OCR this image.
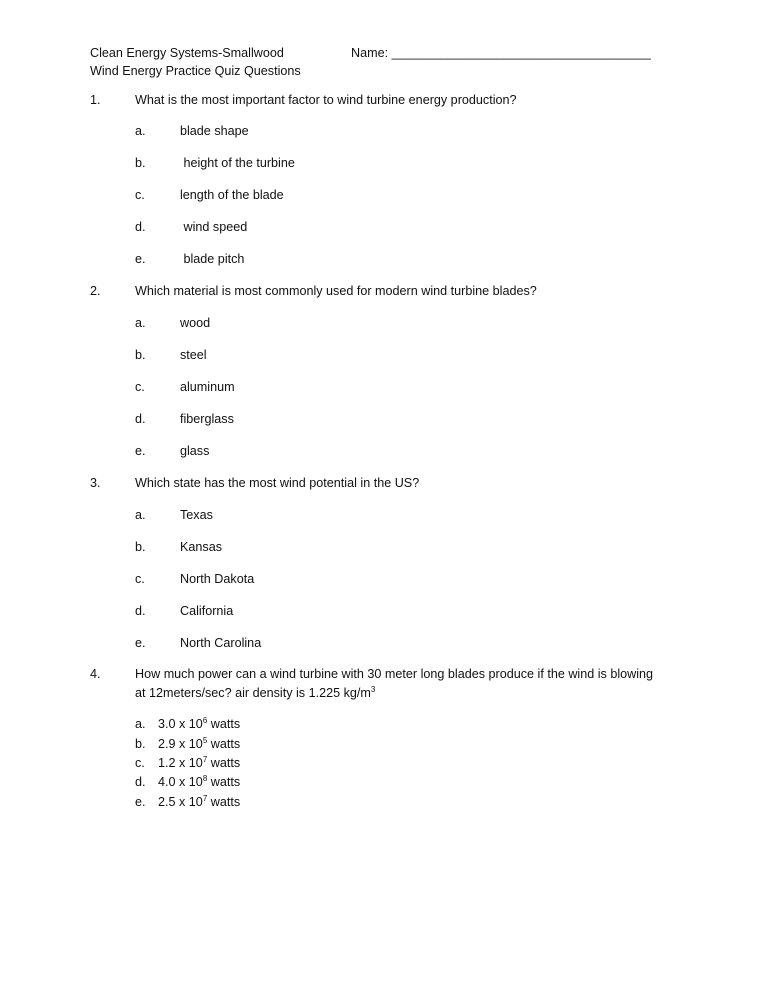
Clean Energy Systems-Smallwood
Wind Energy Practice Quiz Questions
Name: _____________________________________
1.	What is the most important factor to wind turbine energy production?
a.	blade shape
b.	height of the turbine
c.	length of the blade
d.	wind speed
e.	blade pitch
2.	Which material is most commonly used for modern wind turbine blades?
a.	wood
b.	steel
c.	aluminum
d.	fiberglass
e.	glass
3.	Which state has the most wind potential in the US?
a.	Texas
b.	Kansas
c.	North Dakota
d.	California
e.	North Carolina
4.	How much power can a wind turbine with 30 meter long blades produce if the wind is blowing
at 12meters/sec? air density is 1.225 $kg/m^3$
a. 3.0 x $10^6$ watts
b. 2.9 x $10^5$ watts
c. 1.2 x $10^7$ watts
d. 4.0 x $10^8$ watts
e. 2.5 x $10^7$ watts
